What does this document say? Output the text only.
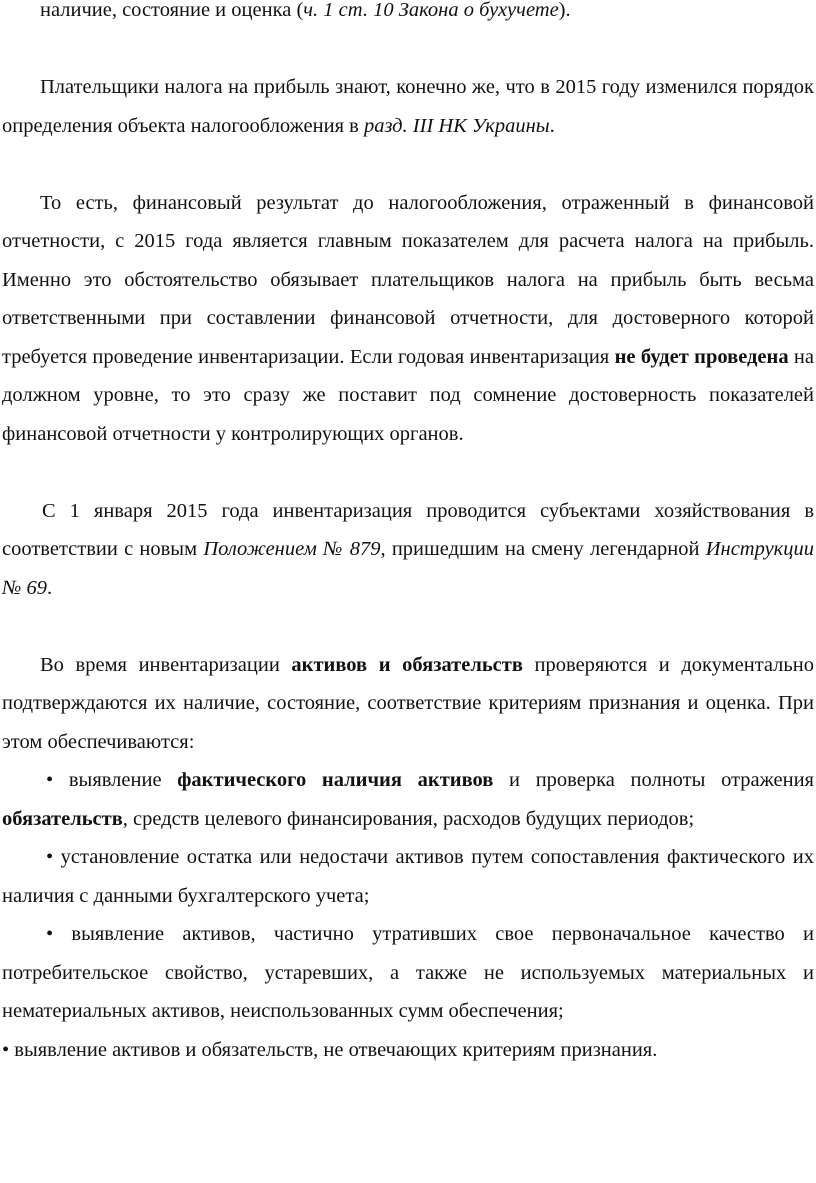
наличие, состояние и оценка (ч. 1 ст. 10 Закона о бухучете).

Плательщики налога на прибыль знают, конечно же, что в 2015 году изменился порядок определения объекта налогообложения в разд. III НК Украины.

То есть, финансовый результат до налогообложения, отраженный в финансовой отчетности, с 2015 года является главным показателем для расчета налога на прибыль. Именно это обстоятельство обязывает плательщиков налога на прибыль быть весьма ответственными при составлении финансовой отчетности, для достоверного которой требуется проведение инвентаризации. Если годовая инвентаризация не будет проведена на должном уровне, то это сразу же поставит под сомнение достоверность показателей финансовой отчетности у контролирующих органов.

С 1 января 2015 года инвентаризация проводится субъектами хозяйствования в соответствии с новым Положением № 879, пришедшим на смену легендарной Инструкции № 69.

Во время инвентаризации активов и обязательств проверяются и документально подтверждаются их наличие, состояние, соответствие критериям признания и оценка. При этом обеспечиваются:

• выявление фактического наличия активов и проверка полноты отражения обязательств, средств целевого финансирования, расходов будущих периодов;

• установление остатка или недостачи активов путем сопоставления фактического их наличия с данными бухгалтерского учета;

• выявление активов, частично утративших свое первоначальное качество и потребительское свойство, устаревших, а также не используемых материальных и нематериальных активов, неиспользованных сумм обеспечения;

• выявление активов и обязательств, не отвечающих критериям признания.
